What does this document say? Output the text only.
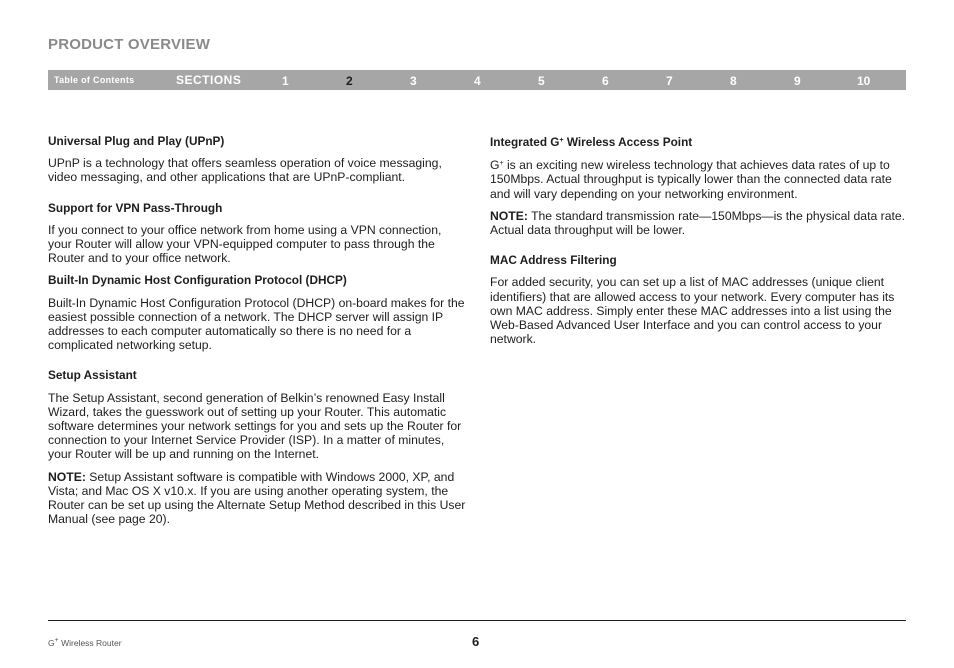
PRODUCT OVERVIEW
Table of Contents	SECTIONS	1	2	3	4	5	6	7	8	9	10
Universal Plug and Play (UPnP)

UPnP is a technology that offers seamless operation of voice messaging, video messaging, and other applications that are UPnP-compliant.

Support for VPN Pass-Through

If you connect to your office network from home using a VPN connection, your Router will allow your VPN-equipped computer to pass through the Router and to your office network.

Built-In Dynamic Host Configuration Protocol (DHCP)

Built-In Dynamic Host Configuration Protocol (DHCP) on-board makes for the easiest possible connection of a network. The DHCP server will assign IP addresses to each computer automatically so there is no need for a complicated networking setup.

Setup Assistant

The Setup Assistant, second generation of Belkin’s renowned Easy Install Wizard, takes the guesswork out of setting up your Router. This automatic software determines your network settings for you and sets up the Router for connection to your Internet Service Provider (ISP). In a matter of minutes, your Router will be up and running on the Internet.

NOTE: Setup Assistant software is compatible with Windows 2000, XP, and Vista; and Mac OS X v10.x. If you are using another operating system, the Router can be set up using the Alternate Setup Method described in this User Manual (see page 20).

Integrated G+ Wireless Access Point

G+ is an exciting new wireless technology that achieves data rates of up to 150Mbps. Actual throughput is typically lower than the connected data rate and will vary depending on your networking environment.

NOTE: The standard transmission rate—150Mbps—is the physical data rate. Actual data throughput will be lower.

MAC Address Filtering

For added security, you can set up a list of MAC addresses (unique client identifiers) that are allowed access to your network. Every computer has its own MAC address. Simply enter these MAC addresses into a list using the Web-Based Advanced User Interface and you can control access to your network.

G+ Wireless Router	6
